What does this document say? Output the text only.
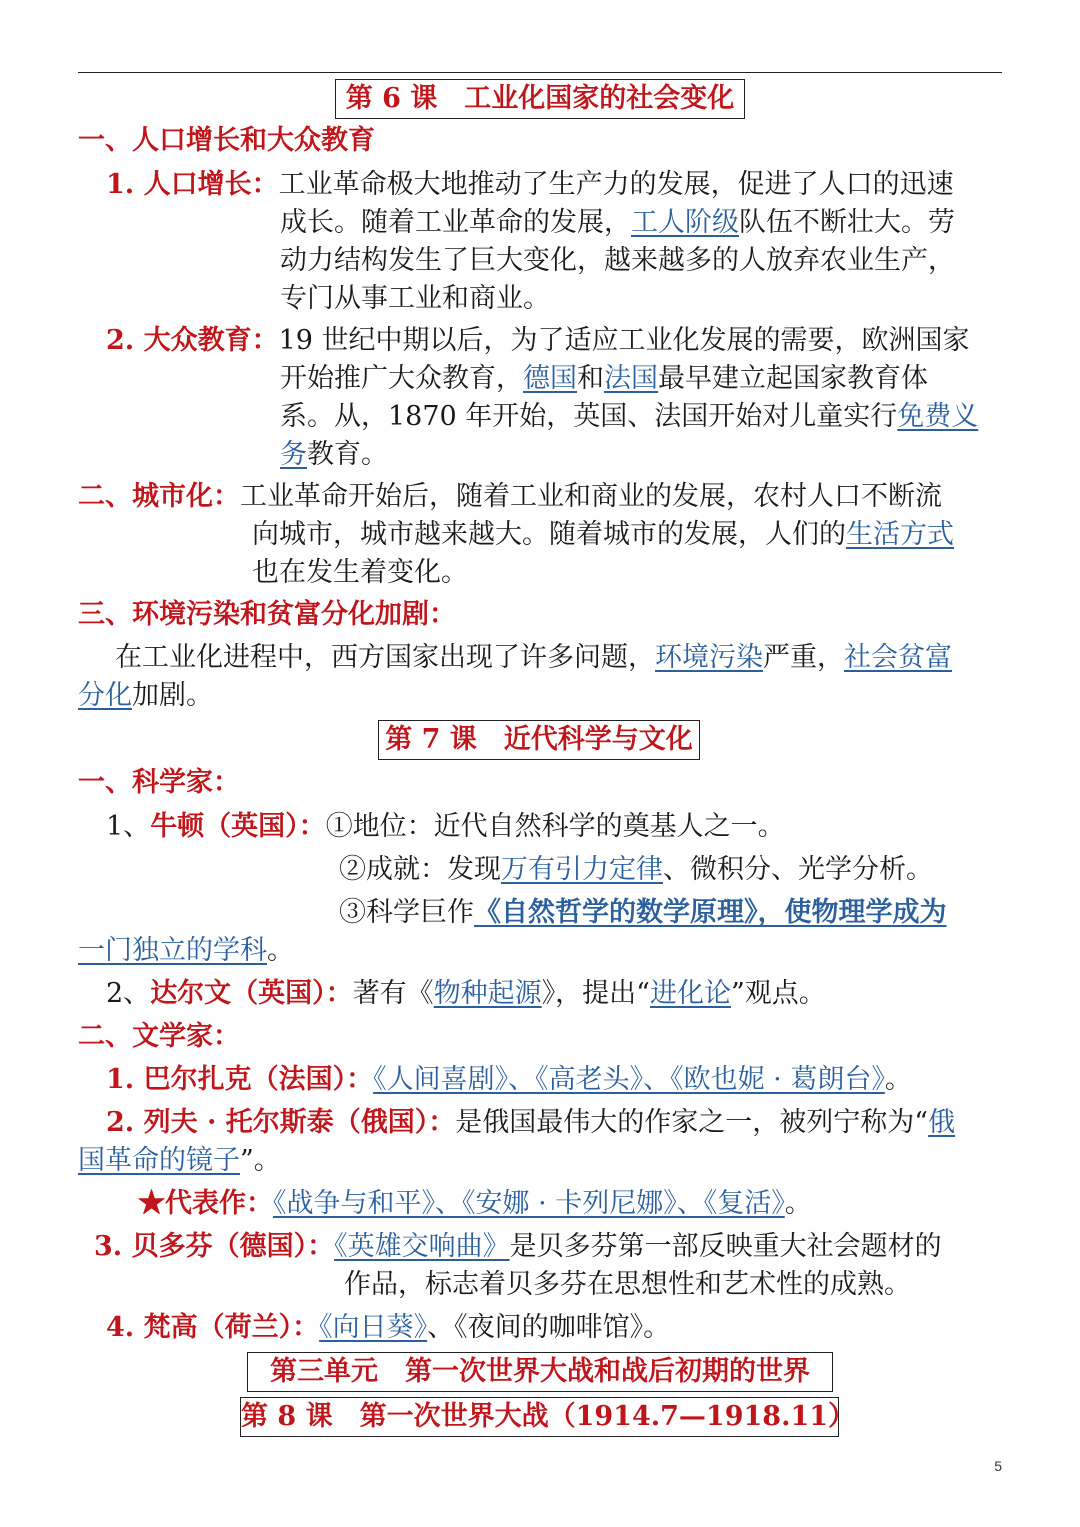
第 6 课　工业化国家的社会变化
一、人口增长和大众教育
1. 人口增长：工业革命极大地推动了生产力的发展，促进了人口的迅速
成长。随着工业革命的发展，工人阶级队伍不断壮大。劳
动力结构发生了巨大变化，越来越多的人放弃农业生产，
专门从事工业和商业。
2. 大众教育：19 世纪中期以后，为了适应工业化发展的需要，欧洲国家
开始推广大众教育，德国和法国最早建立起国家教育体
系。从，1870 年开始，英国、法国开始对儿童实行免费义
务教育。
二、城市化：工业革命开始后，随着工业和商业的发展，农村人口不断流
向城市，城市越来越大。随着城市的发展，人们的生活方式
也在发生着变化。
三、环境污染和贫富分化加剧：
在工业化进程中，西方国家出现了许多问题，环境污染严重，社会贫富
分化加剧。
第 7 课　近代科学与文化
一、科学家：
1、牛顿（英国）：①地位：近代自然科学的奠基人之一。
②成就：发现万有引力定律、微积分、光学分析。
③科学巨作《自然哲学的数学原理》，使物理学成为
一门独立的学科。
2、达尔文（英国）：著有《物种起源》，提出“进化论”观点。
二、文学家：
1. 巴尔扎克（法国）：《人间喜剧》、《高老头》、《欧也妮 · 葛朗台》。
2. 列夫 · 托尔斯泰（俄国）：是俄国最伟大的作家之一，被列宁称为“俄
国革命的镜子”。
★代表作：《战争与和平》、《安娜 · 卡列尼娜》、《复活》。
3. 贝多芬（德国）：《英雄交响曲》是贝多芬第一部反映重大社会题材的
作品，标志着贝多芬在思想性和艺术性的成熟。
4. 梵高（荷兰）：《向日葵》、《夜间的咖啡馆》。
第三单元　第一次世界大战和战后初期的世界
第 8 课　第一次世界大战（1914.7—1918.11）
5
